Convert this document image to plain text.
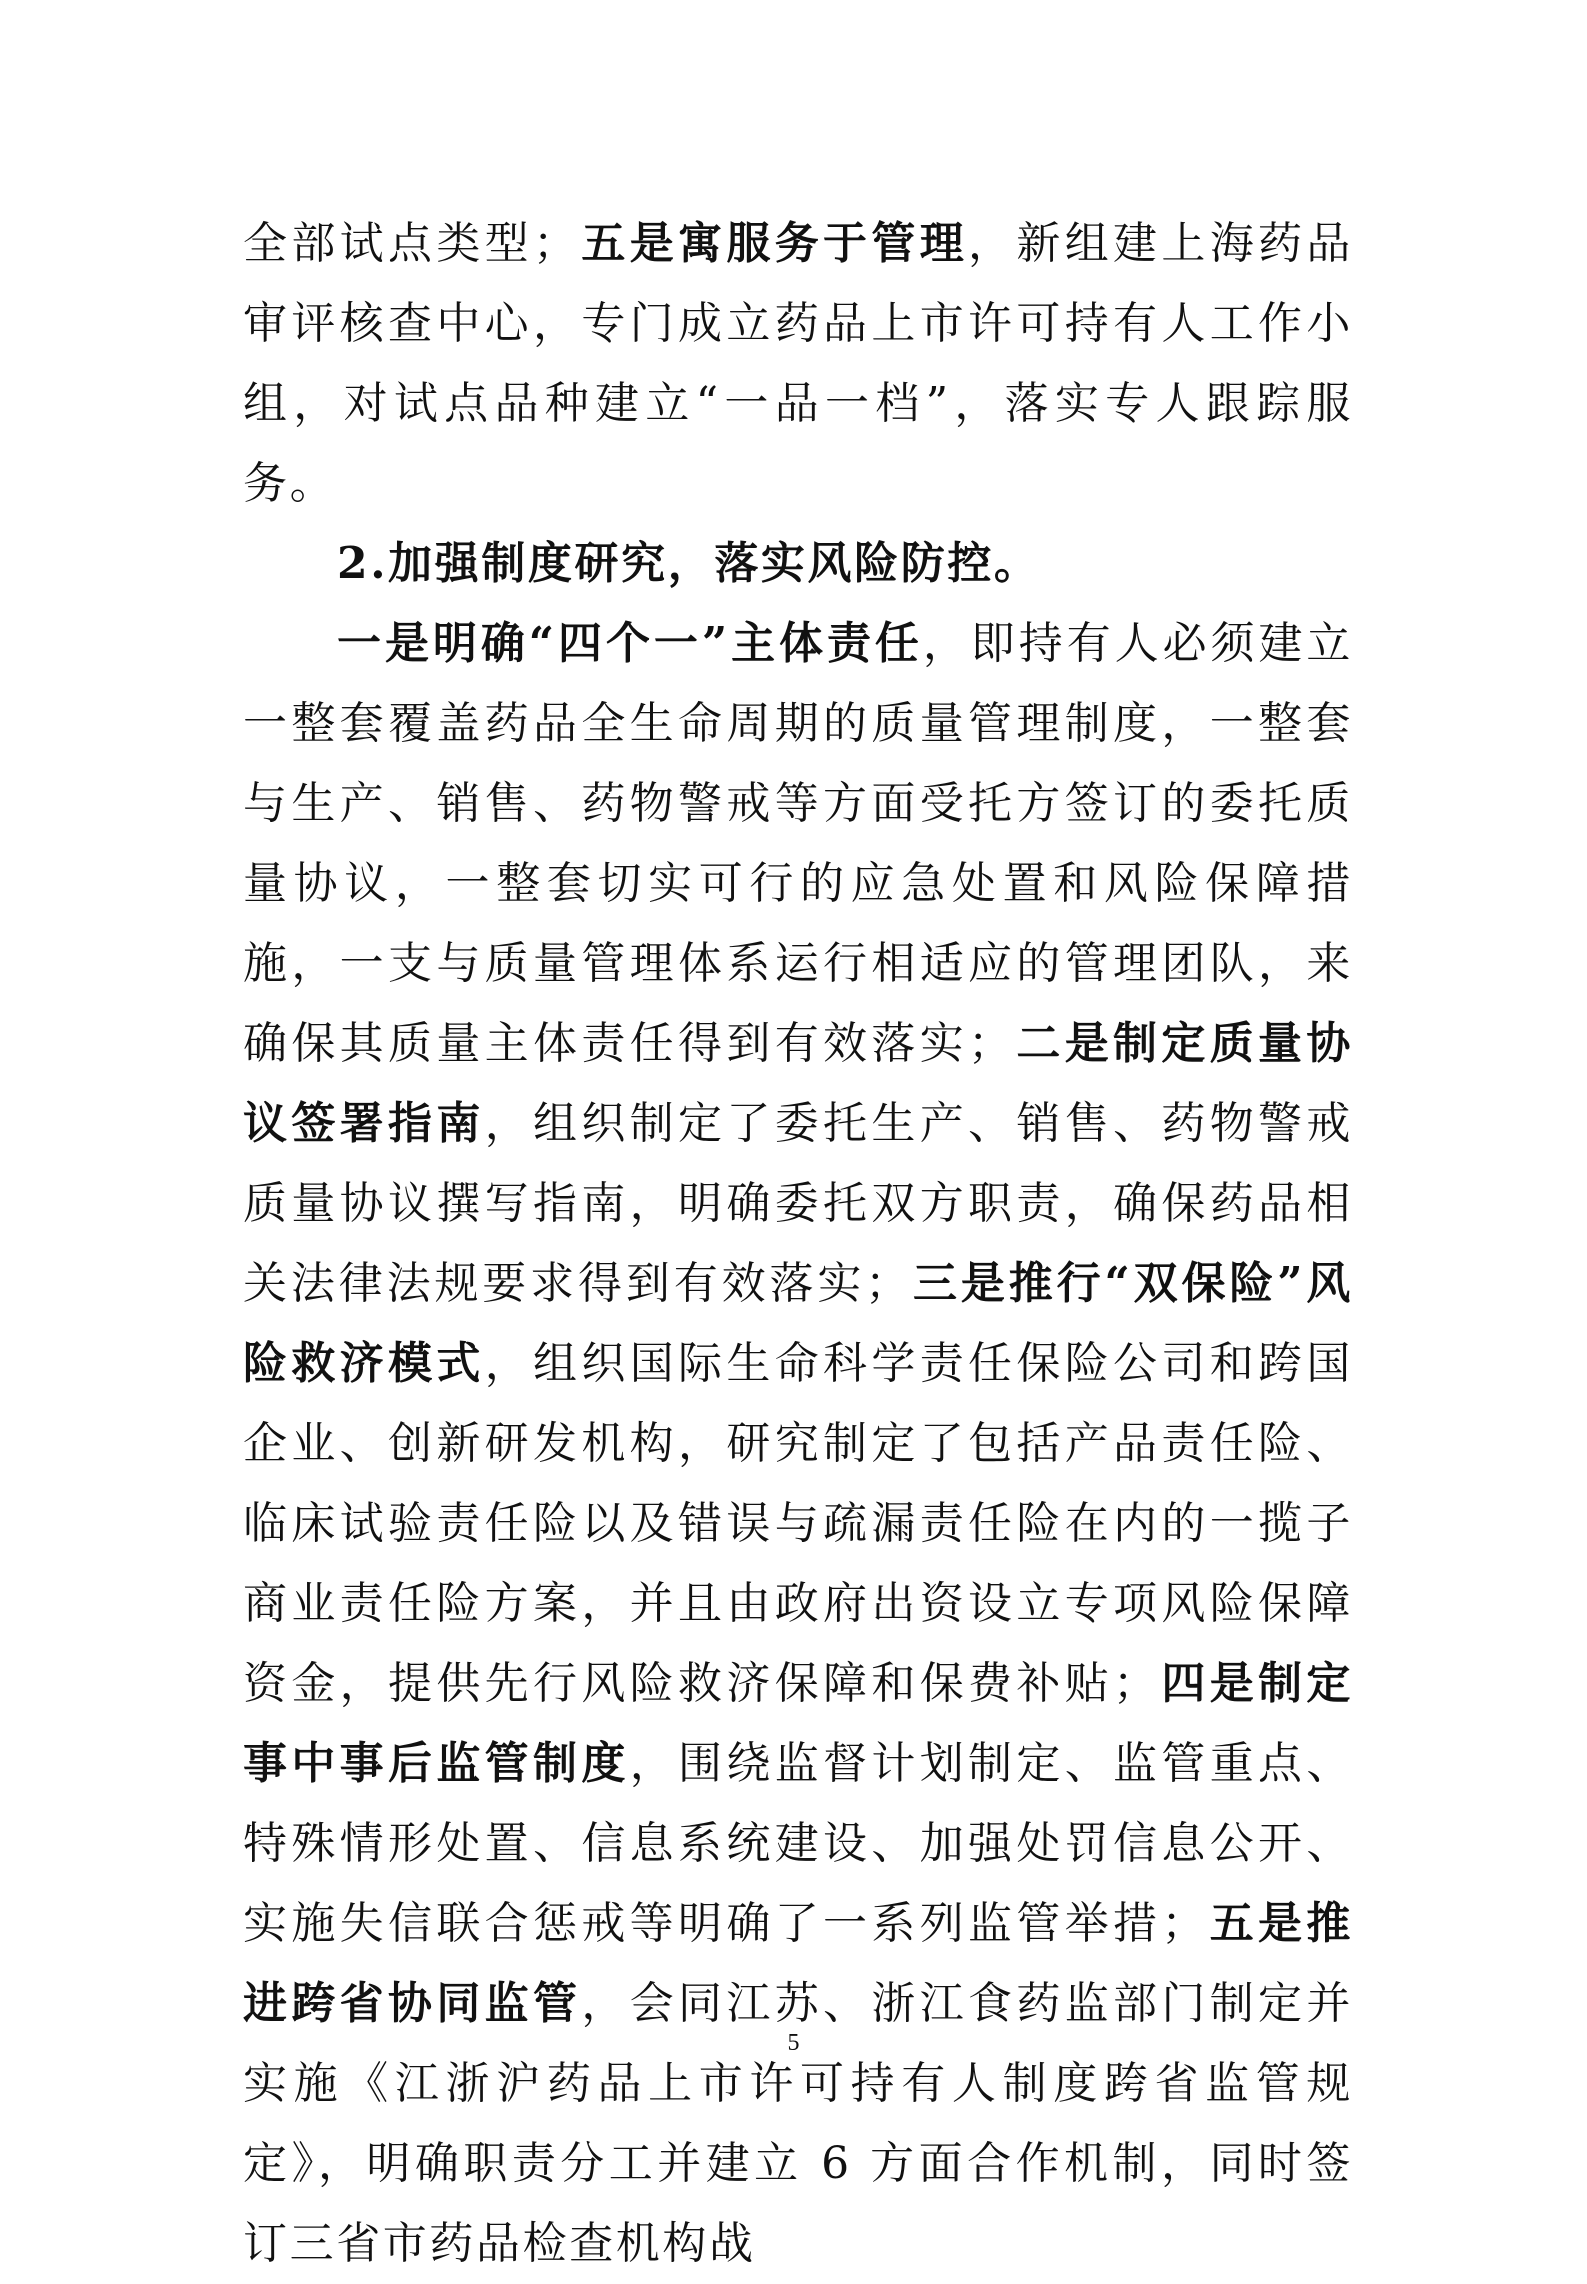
全部试点类型；五是寓服务于管理，新组建上海药品审评核查中心，专门成立药品上市许可持有人工作小组，对试点品种建立“一品一档”，落实专人跟踪服务。

2.加强制度研究，落实风险防控。

一是明确“四个一”主体责任，即持有人必须建立一整套覆盖药品全生命周期的质量管理制度，一整套与生产、销售、药物警戒等方面受托方签订的委托质量协议，一整套切实可行的应急处置和风险保障措施，一支与质量管理体系运行相适应的管理团队，来确保其质量主体责任得到有效落实；二是制定质量协议签署指南，组织制定了委托生产、销售、药物警戒质量协议撰写指南，明确委托双方职责，确保药品相关法律法规要求得到有效落实；三是推行“双保险”风险救济模式，组织国际生命科学责任保险公司和跨国企业、创新研发机构，研究制定了包括产品责任险、临床试验责任险以及错误与疏漏责任险在内的一揽子商业责任险方案，并且由政府出资设立专项风险保障资金，提供先行风险救济保障和保费补贴；四是制定事中事后监管制度，围绕监督计划制定、监管重点、特殊情形处置、信息系统建设、加强处罚信息公开、实施失信联合惩戒等明确了一系列监管举措；五是推进跨省协同监管，会同江苏、浙江食药监部门制定并实施《江浙沪药品上市许可持有人制度跨省监管规定》，明确职责分工并建立 6 方面合作机制，同时签订三省市药品检查机构战

5
